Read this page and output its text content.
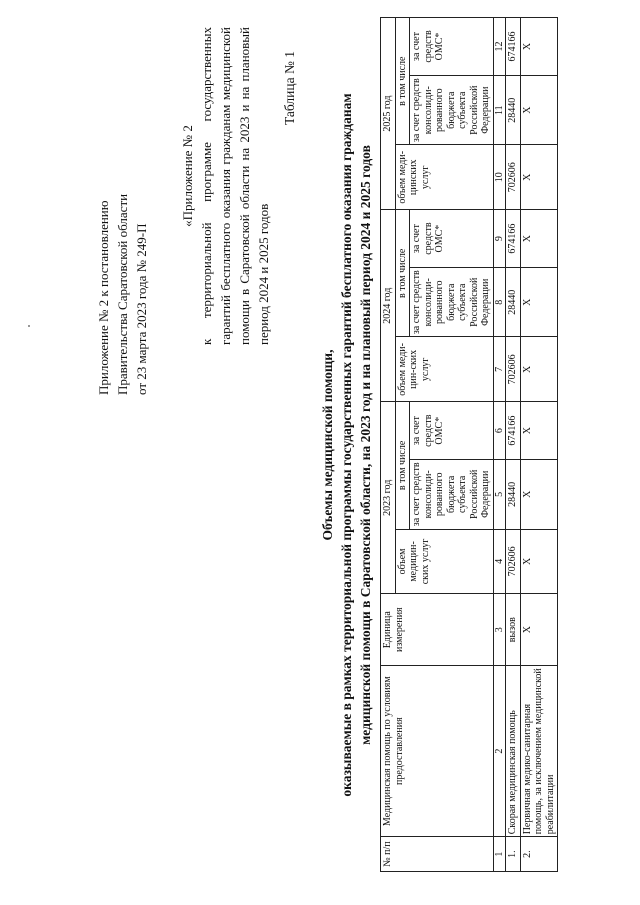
Приложение № 2 к постановлению Правительства Саратовской области от 23 марта 2023 года № 249-П
«Приложение № 2 к территориальной программе государственных гарантий бесплатного оказания гражданам медицинской помощи в Саратовской области на 2023 и на плановый период 2024 и 2025 годов
Таблица № 1
Объемы медицинской помощи, оказываемые в рамках территориальной программы государственных гарантий бесплатного оказания гражданам медицинской помощи в Саратовской области, на 2023 год и на плановый период 2024 и 2025 годов
№ п/п	Медицинская помощь по условиям предоставления	Единица измерения	2023 год			2024 год			2025 год		
			объем медицин-ских услуг	в том числе		объем меди-цин-ских услуг	в том числе		объем меди-цинских услуг	в том числе	
				за счет средств консолиди-рованного бюджета субъекта Российской Федерации	за счет средств ОМС*		за счет средств консолиди-рованного бюджета субъекта Российской Федерации	за счет средств ОМС*		за счет средств консолиди-рованного бюджета субъекта Российской Федерации	за счет средств ОМС*
1	2	3	4	5	6	7	8	9	10	11	12
1.	Скорая медицинская помощь	вызов	702606	28440	674166	702606	28440	674166	702606	28440	674166
2.	Первичная медико-санитарная помощь, за исключением медицинской реабилитации	X	X	X	X	X	X	X	X	X	X
